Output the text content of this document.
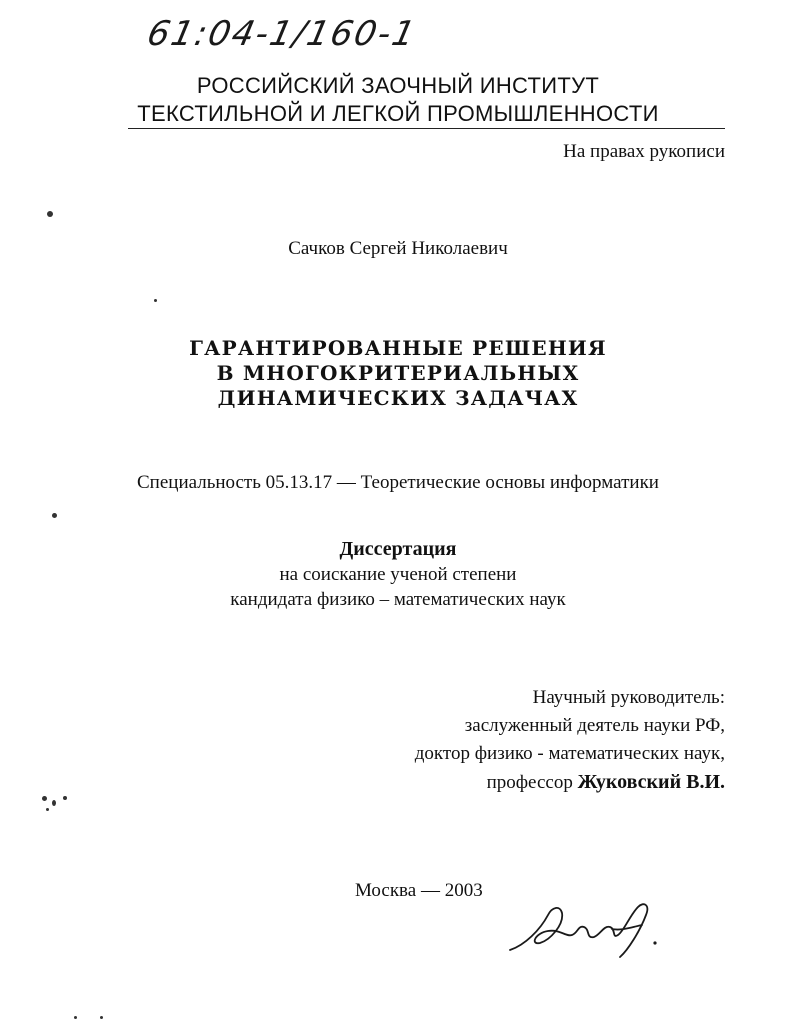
61:04-1/160-1
РОССИЙСКИЙ ЗАОЧНЫЙ ИНСТИТУТ
ТЕКСТИЛЬНОЙ И ЛЕГКОЙ ПРОМЫШЛЕННОСТИ
На правах рукописи
Сачков Сергей Николаевич
ГАРАНТИРОВАННЫЕ РЕШЕНИЯ
В МНОГОКРИТЕРИАЛЬНЫХ
ДИНАМИЧЕСКИХ ЗАДАЧАХ
Специальность 05.13.17 — Теоретические основы информатики
Диссертация
на соискание ученой степени
кандидата физико – математических наук
Научный руководитель:
заслуженный деятель науки РФ,
доктор физико - математических наук,
профессор Жуковский В.И.
Москва — 2003
